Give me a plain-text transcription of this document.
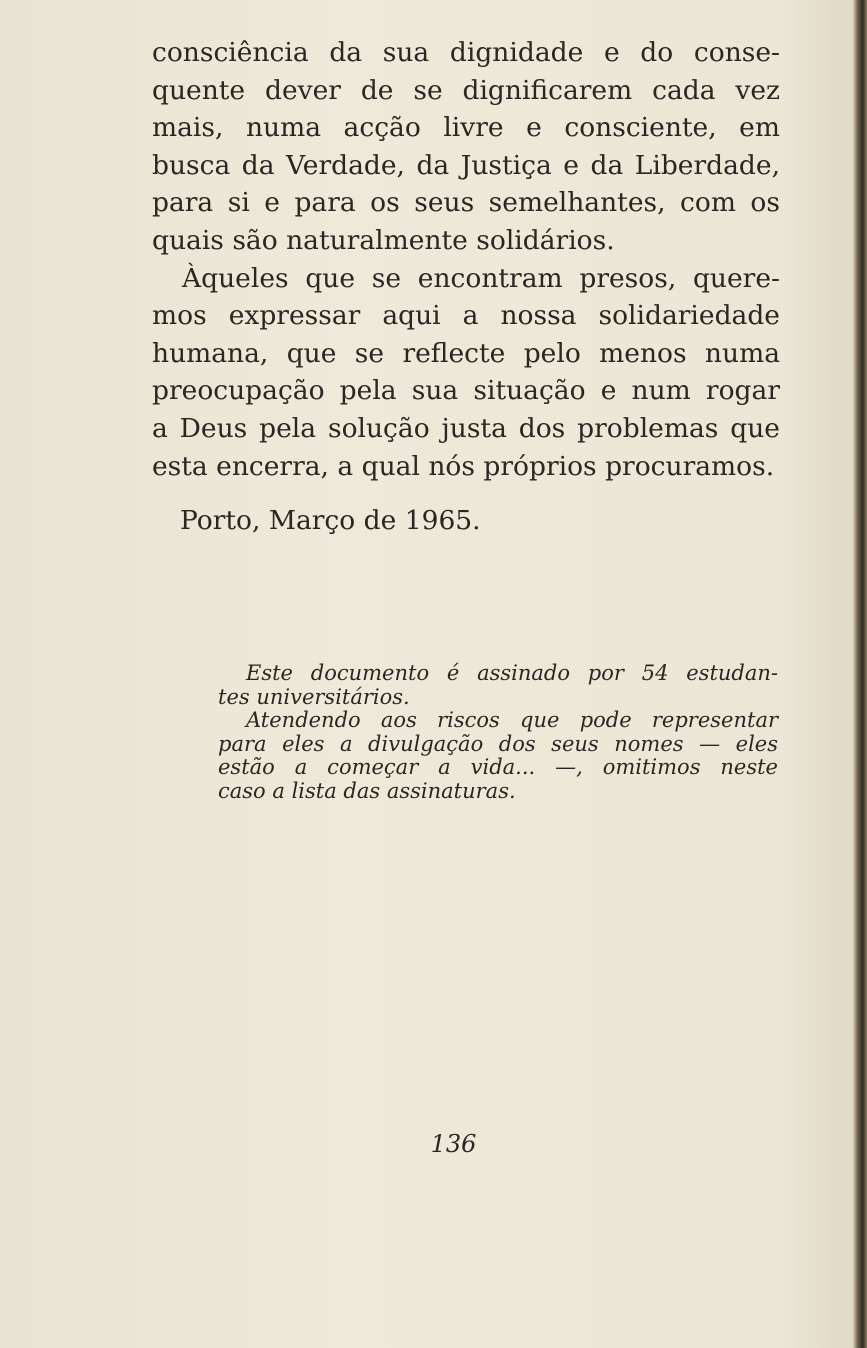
consciência da sua dignidade e do conse-
quente dever de se dignificarem cada vez
mais, numa acção livre e consciente, em
busca da Verdade, da Justiça e da Liberdade,
para si e para os seus semelhantes, com os
quais são naturalmente solidários.

Àqueles que se encontram presos, quere-
mos expressar aqui a nossa solidariedade
humana, que se reflecte pelo menos numa
preocupação pela sua situação e num rogar
a Deus pela solução justa dos problemas que
esta encerra, a qual nós próprios procuramos.

Porto, Março de 1965.
Este documento é assinado por 54 estudan-
tes universitários.
Atendendo aos riscos que pode representar
para eles a divulgação dos seus nomes — eles
estão a começar a vida... —, omitimos neste
caso a lista das assinaturas.
136
